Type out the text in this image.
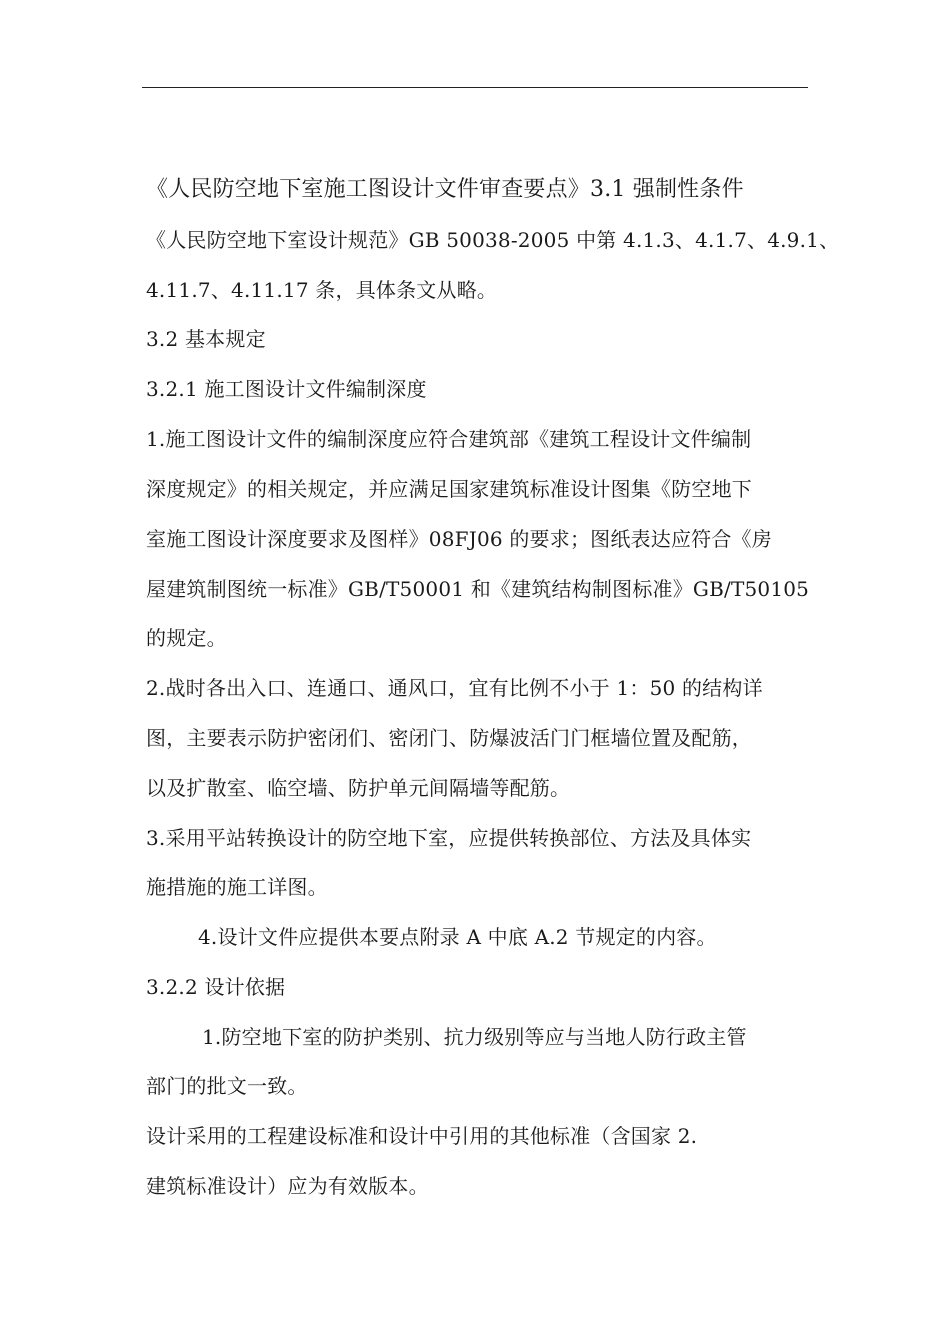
《人民防空地下室施工图设计文件审查要点》3.1 强制性条件
《人民防空地下室设计规范》GB 50038-2005 中第 4.1.3、4.1.7、4.9.1、
4.11.7、4.11.17 条，具体条文从略。
3.2 基本规定
3.2.1 施工图设计文件编制深度
1.施工图设计文件的编制深度应符合建筑部《建筑工程设计文件编制
深度规定》的相关规定，并应满足国家建筑标准设计图集《防空地下
室施工图设计深度要求及图样》08FJ06 的要求；图纸表达应符合《房
屋建筑制图统一标准》GB/T50001 和《建筑结构制图标准》GB/T50105
的规定。
2.战时各出入口、连通口、通风口，宜有比例不小于 1：50 的结构详
图，主要表示防护密闭们、密闭门、防爆波活门门框墙位置及配筋，
以及扩散室、临空墙、防护单元间隔墙等配筋。
3.采用平站转换设计的防空地下室，应提供转换部位、方法及具体实
施措施的施工详图。
4.设计文件应提供本要点附录 A 中底 A.2 节规定的内容。
3.2.2 设计依据
1.防空地下室的防护类别、抗力级别等应与当地人防行政主管
部门的批文一致。
设计采用的工程建设标准和设计中引用的其他标准（含国家 2.
建筑标准设计）应为有效版本。
